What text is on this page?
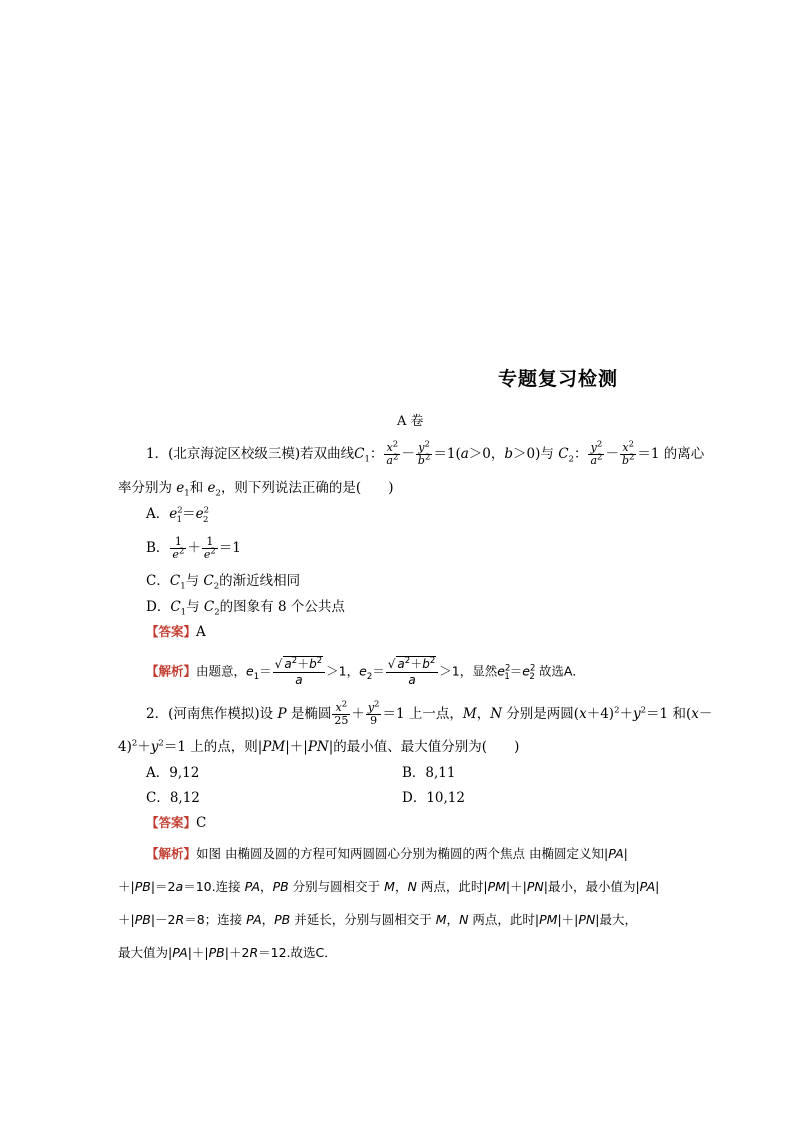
专题复习检测
A 卷
1．(北京海淀区校级三模)若双曲线$C_1$： $\frac{x^2}{a^2} - \frac{y^2}{b^2} =1(a>0$，b＞0)与 $C_2$： $\frac{y^2}{a^2} - \frac{x^2}{b^2} =1$ 的离心
率分别为 $e_1$和 $e_2$，则下列说法正确的是(　　)
A．$e^2_1=e^2_2$
B． $\frac{1}{e^2} + \frac{1}{e^2} =1$
C．$C_1$与 $C_2$的渐近线相同
D．$C_1$与 $C_2$的图象有 8 个公共点
【答案】A
【解析】由题意，$e_1= \frac{√ a^2+b^2}{a} >1$，$e_2= \frac{√ a^2+b^2}{a} >1$，显然$e^2_1=e^2_2$ 故选A．
2．(河南焦作模拟)设 P 是椭圆 $\frac{x^2}{25} + \frac{y^2}{9} =1$ 上一点，M，N 分别是两圆$(x+4)^2+y^2=1$ 和(x－
$4)^2+y^2=1$ 上的点，则|PM|＋|PN|的最小值、最大值分别为(　　)
A．9,12	B．8,11
C．8,12	D．10,12
【答案】C
【解析】如图 由椭圆及圆的方程可知两圆圆心分别为椭圆的两个焦点 由椭圆定义知|PA|
＋|PB|＝2a＝10.连接 PA，PB 分别与圆相交于 M，N 两点，此时|PM|＋|PN|最小，最小值为|PA|
＋|PB|－2R＝8；连接 PA，PB 并延长，分别与圆相交于 M，N 两点，此时|PM|＋|PN|最大，
最大值为|PA|＋|PB|＋2R＝12.故选C．
